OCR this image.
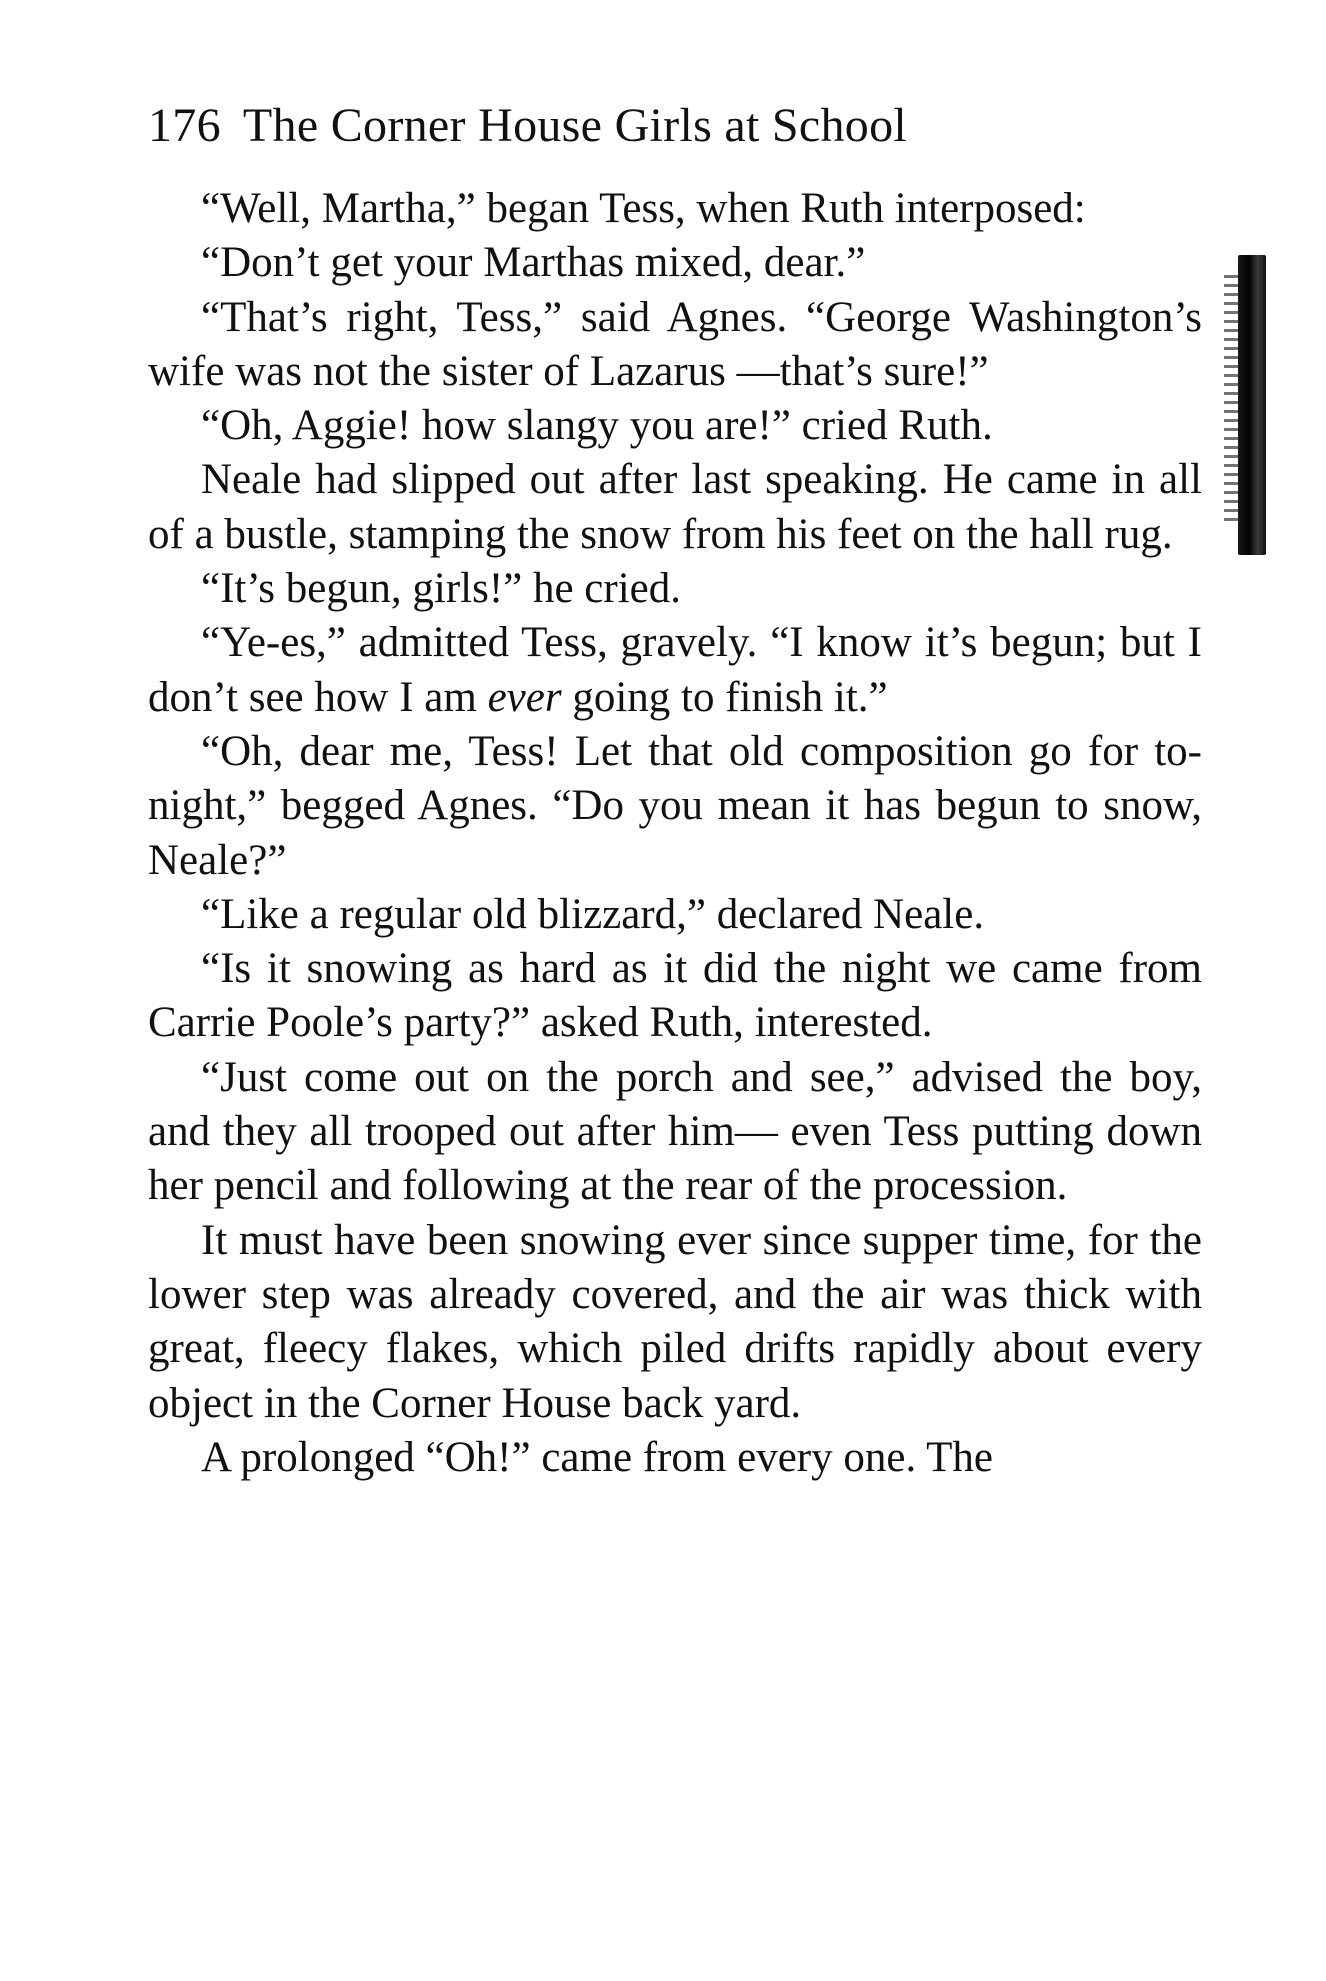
176 The Corner House Girls at School

“Well, Martha,” began Tess, when Ruth interposed:

“Don’t get your Marthas mixed, dear.”

“That’s right, Tess,” said Agnes. “George Washington’s wife was not the sister of Lazarus —that’s sure!”

“Oh, Aggie! how slangy you are!” cried Ruth.

Neale had slipped out after last speaking. He came in all of a bustle, stamping the snow from his feet on the hall rug.

“It’s begun, girls!” he cried.

“Ye-es,” admitted Tess, gravely. “I know it’s begun; but I don’t see how I am ever going to finish it.”

“Oh, dear me, Tess! Let that old composition go for to-night,” begged Agnes. “Do you mean it has begun to snow, Neale?”

“Like a regular old blizzard,” declared Neale.

“Is it snowing as hard as it did the night we came from Carrie Poole’s party?” asked Ruth, interested.

“Just come out on the porch and see,” advised the boy, and they all trooped out after him— even Tess putting down her pencil and following at the rear of the procession.

It must have been snowing ever since supper time, for the lower step was already covered, and the air was thick with great, fleecy flakes, which piled drifts rapidly about every object in the Corner House back yard.

A prolonged “Oh!” came from every one. The
